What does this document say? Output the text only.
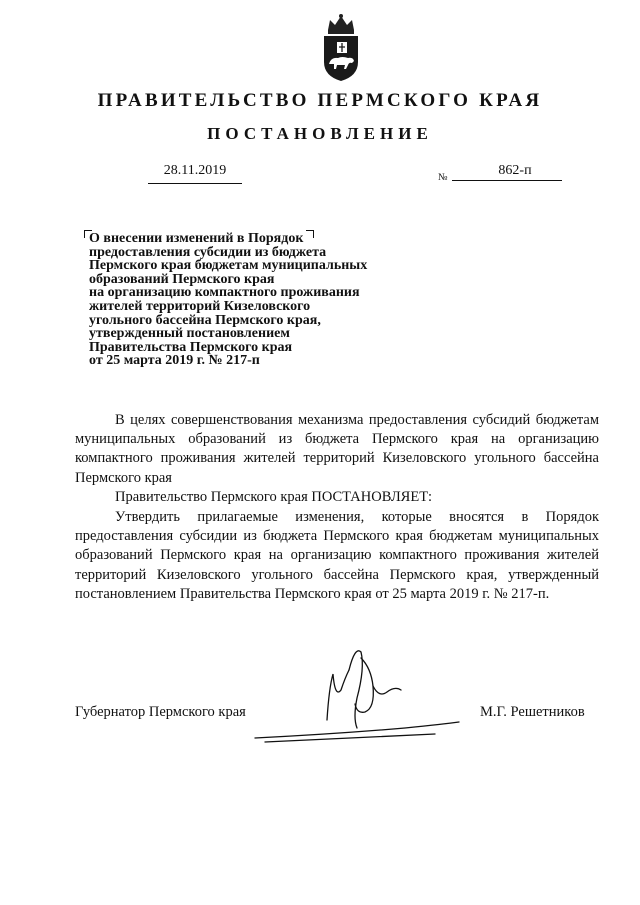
ПРАВИТЕЛЬСТВО ПЕРМСКОГО КРАЯ
ПОСТАНОВЛЕНИЕ
28.11.2019	№	862-п
О внесении изменений в Порядок
предоставления субсидии из бюджета
Пермского края бюджетам муниципальных
образований Пермского края
на организацию компактного проживания
жителей территорий Кизеловского
угольного бассейна Пермского края,
утвержденный постановлением
Правительства Пермского края
от 25 марта 2019 г. № 217-п
В целях совершенствования механизма предоставления субсидий бюджетам муниципальных образований из бюджета Пермского края на организацию компактного проживания жителей территорий Кизеловского угольного бассейна Пермского края
Правительство Пермского края ПОСТАНОВЛЯЕТ:
Утвердить прилагаемые изменения, которые вносятся в Порядок предоставления субсидии из бюджета Пермского края бюджетам муниципальных образований Пермского края на организацию компактного проживания жителей территорий Кизеловского угольного бассейна Пермского края, утвержденный постановлением Правительства Пермского края от 25 марта 2019 г. № 217-п.
Губернатор Пермского края	М.Г. Решетников
